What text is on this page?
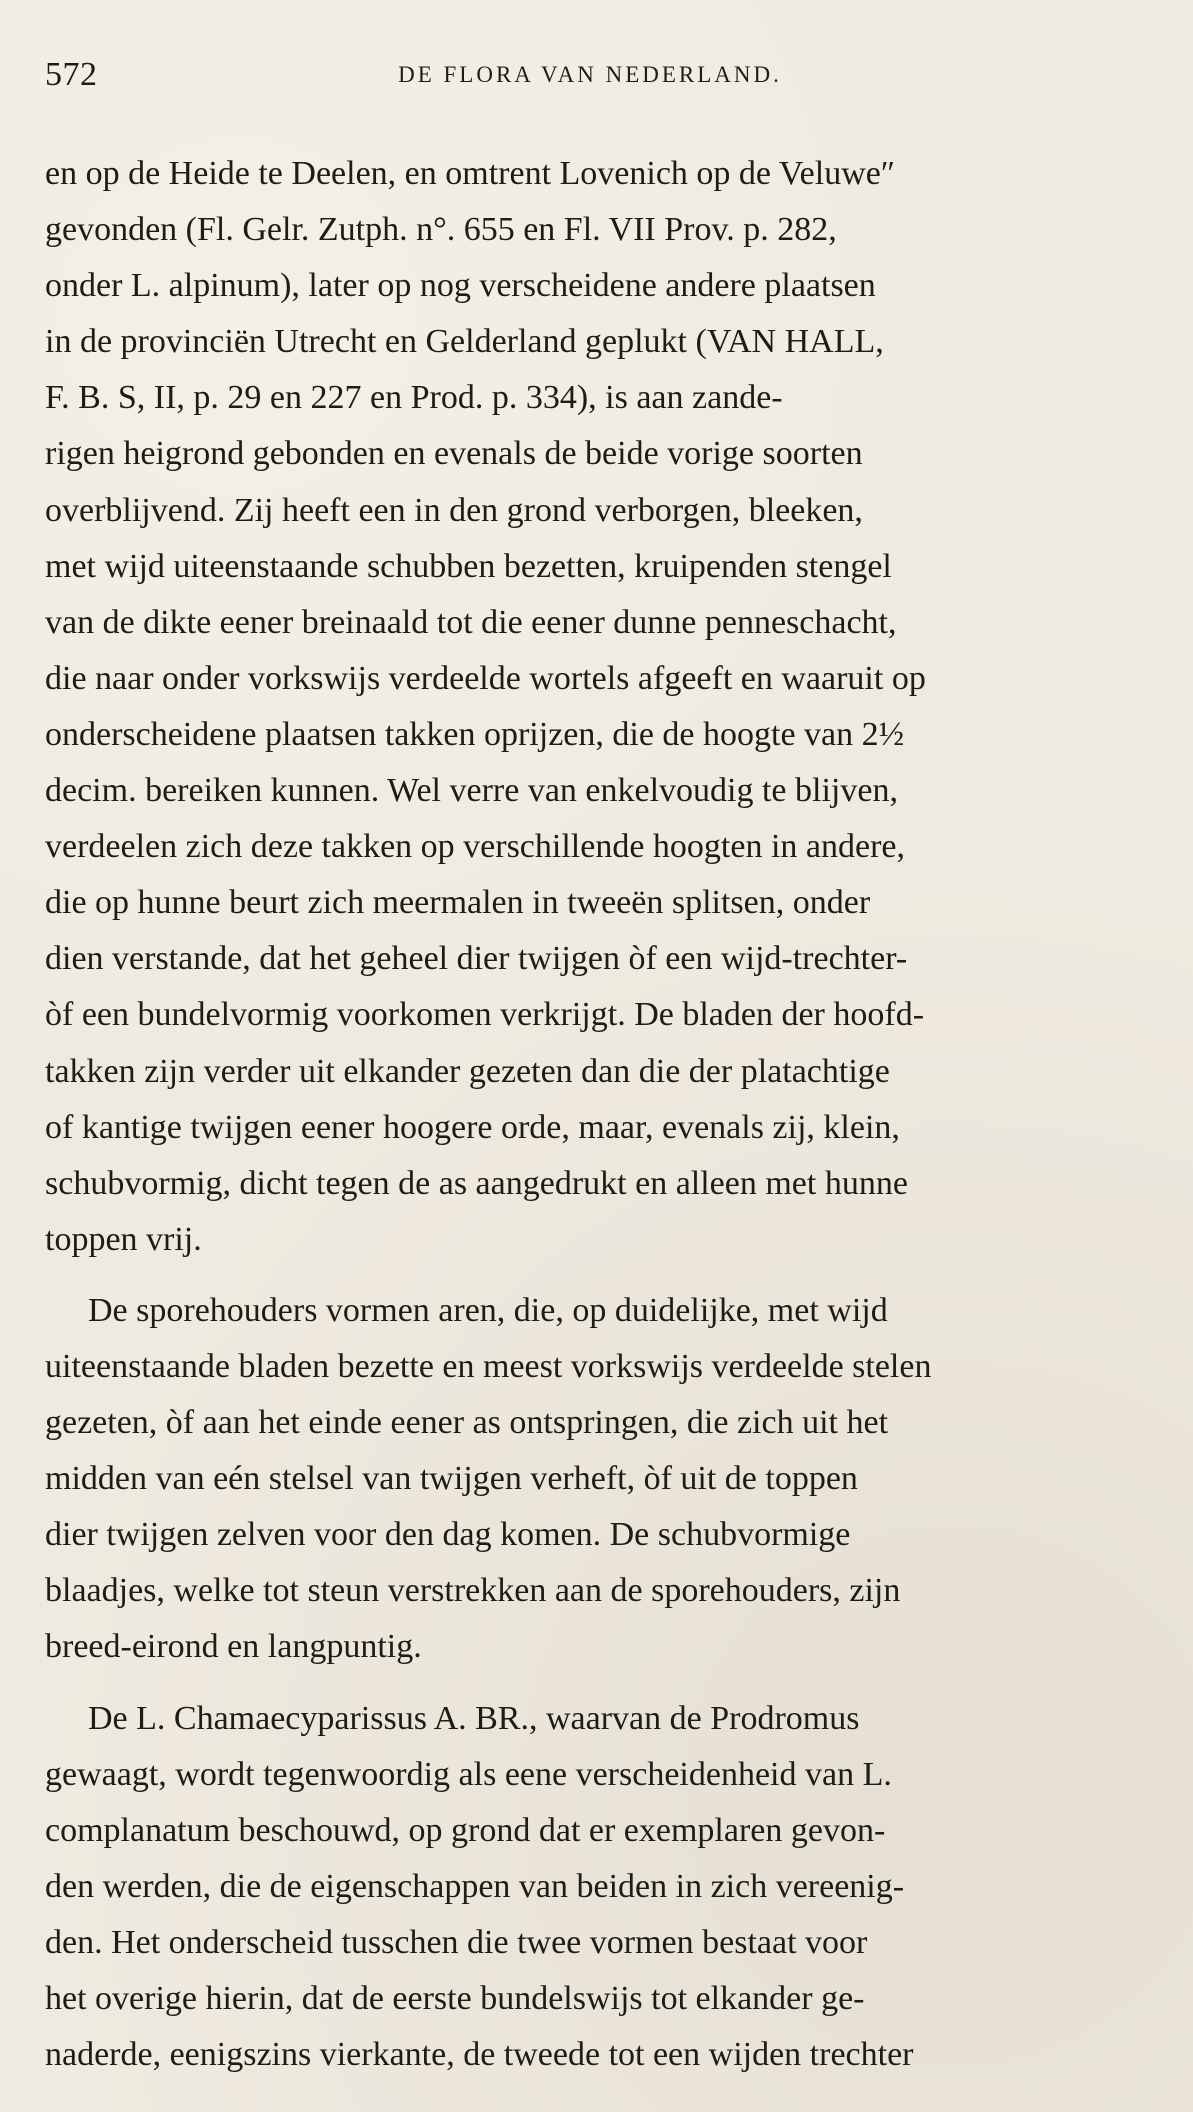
572	DE FLORA VAN NEDERLAND.

en op de Heide te Deelen, en omtrent Lovenich op de Veluwe″
gevonden (Fl. Gelr. Zutph. n°. 655 en Fl. VII Prov. p. 282,
onder L. alpinum), later op nog verscheidene andere plaatsen
in de provinciën Utrecht en Gelderland geplukt (VAN HALL,
F. B. S, II, p. 29 en 227 en Prod. p. 334), is aan zande-
rigen heigrond gebonden en evenals de beide vorige soorten
overblijvend. Zij heeft een in den grond verborgen, bleeken,
met wijd uiteenstaande schubben bezetten, kruipenden stengel
van de dikte eener breinaald tot die eener dunne penneschacht,
die naar onder vorkswijs verdeelde wortels afgeeft en waaruit op
onderscheidene plaatsen takken oprijzen, die de hoogte van 2½
decim. bereiken kunnen. Wel verre van enkelvoudig te blijven,
verdeelen zich deze takken op verschillende hoogten in andere,
die op hunne beurt zich meermalen in tweeën splitsen, onder
dien verstande, dat het geheel dier twijgen òf een wijd-trechter-
òf een bundelvormig voorkomen verkrijgt. De bladen der hoofd-
takken zijn verder uit elkander gezeten dan die der platachtige
of kantige twijgen eener hoogere orde, maar, evenals zij, klein,
schubvormig, dicht tegen de as aangedrukt en alleen met hunne
toppen vrij.

De sporehouders vormen aren, die, op duidelijke, met wijd
uiteenstaande bladen bezette en meest vorkswijs verdeelde stelen
gezeten, òf aan het einde eener as ontspringen, die zich uit het
midden van eén stelsel van twijgen verheft, òf uit de toppen
dier twijgen zelven voor den dag komen. De schubvormige
blaadjes, welke tot steun verstrekken aan de sporehouders, zijn
breed-eirond en langpuntig.

De L. Chamaecyparissus A. BR., waarvan de Prodromus
gewaagt, wordt tegenwoordig als eene verscheidenheid van L.
complanatum beschouwd, op grond dat er exemplaren gevon-
den werden, die de eigenschappen van beiden in zich vereenig-
den. Het onderscheid tusschen die twee vormen bestaat voor
het overige hierin, dat de eerste bundelswijs tot elkander ge-
naderde, eenigszins vierkante, de tweede tot een wijden trechter
